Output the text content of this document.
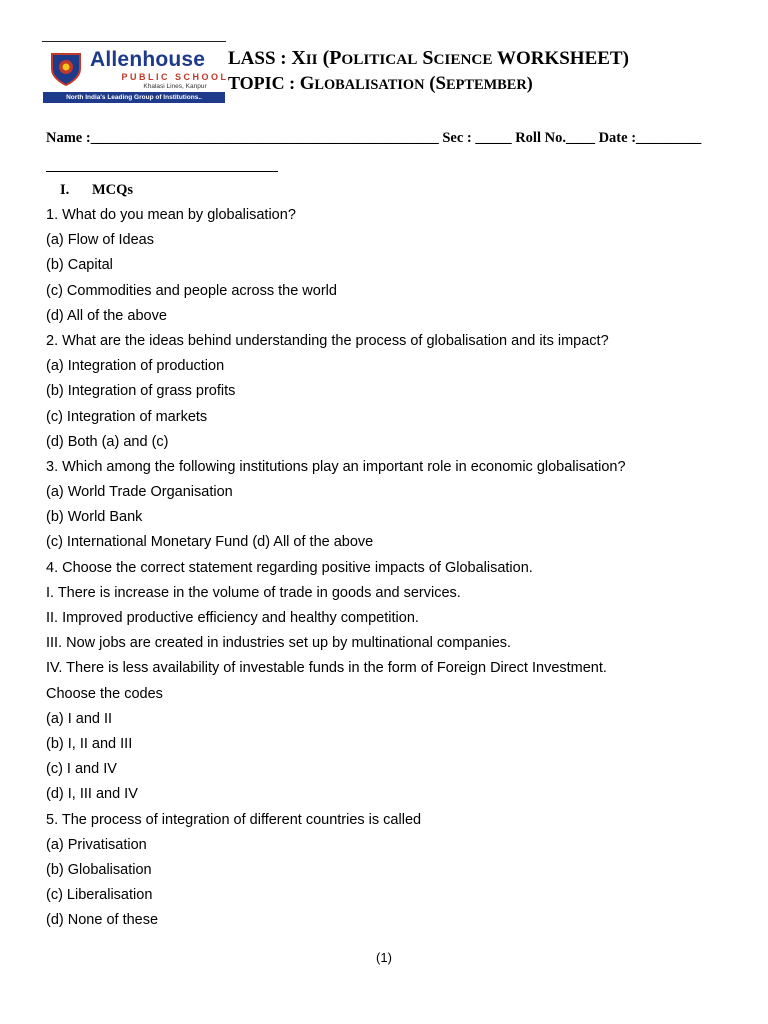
Allenhouse
PUBLIC SCHOOL
Khalasi Lines, Kanpur
North India's Leading Group of Institutions..
LASS : XII (POLITICAL SCIENCE WORKSHEET)
TOPIC : GLOBALISATION (SEPTEMBER)
Name :________________________________________________ Sec : _____ Roll No.____ Date :_________
I. MCQs
1. What do you mean by globalisation?
(a) Flow of Ideas
(b) Capital
(c) Commodities and people across the world
(d) All of the above
2. What are the ideas behind understanding the process of globalisation and its impact?
(a) Integration of production
(b) Integration of grass profits
(c) Integration of markets
(d) Both (a) and (c)
3. Which among the following institutions play an important role in economic globalisation?
(a) World Trade Organisation
(b) World Bank
(c) International Monetary Fund (d) All of the above
4. Choose the correct statement regarding positive impacts of Globalisation.
I. There is increase in the volume of trade in goods and services.
II. Improved productive efficiency and healthy competition.
III. Now jobs are created in industries set up by multinational companies.
IV. There is less availability of investable funds in the form of Foreign Direct Investment.
Choose the codes
(a) I and II
(b) I, II and III
(c) I and IV
(d) I, III and IV
5. The process of integration of different countries is called
(a) Privatisation
(b) Globalisation
(c) Liberalisation
(d) None of these
(1)
